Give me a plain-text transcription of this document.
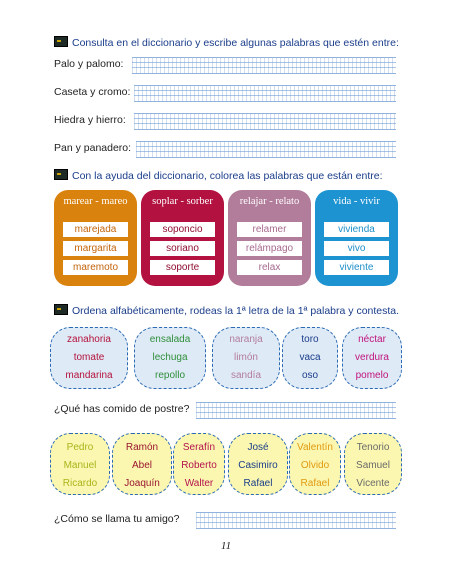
Consulta en el diccionario y escribe algunas palabras que estén entre:
Palo y palomo:
Caseta y cromo:
Hiedra y hierro:
Pan y panadero:
Con la ayuda del diccionario, colorea las palabras que están entre:
marear - mareo
marejada
margarita
maremoto
soplar - sorber
soponcio
soriano
soporte
relajar - relato
relamer
relámpago
relax
vida - vivir
vivienda
vivo
viviente
Ordena alfabéticamente, rodeas la 1ª letra de la 1ª palabra y contesta.
zanahoria
tomate
mandarina
ensalada
lechuga
repollo
naranja
limón
sandía
toro
vaca
oso
néctar
verdura
pomelo
¿Qué has comido de postre?
Pedro
Manuel
Ricardo
Ramón
Abel
Joaquín
Serafín
Roberto
Walter
José
Casimiro
Rafael
Valentín
Olvido
Rafael
Tenorio
Samuel
Vicente
¿Cómo se llama tu amigo?
11
